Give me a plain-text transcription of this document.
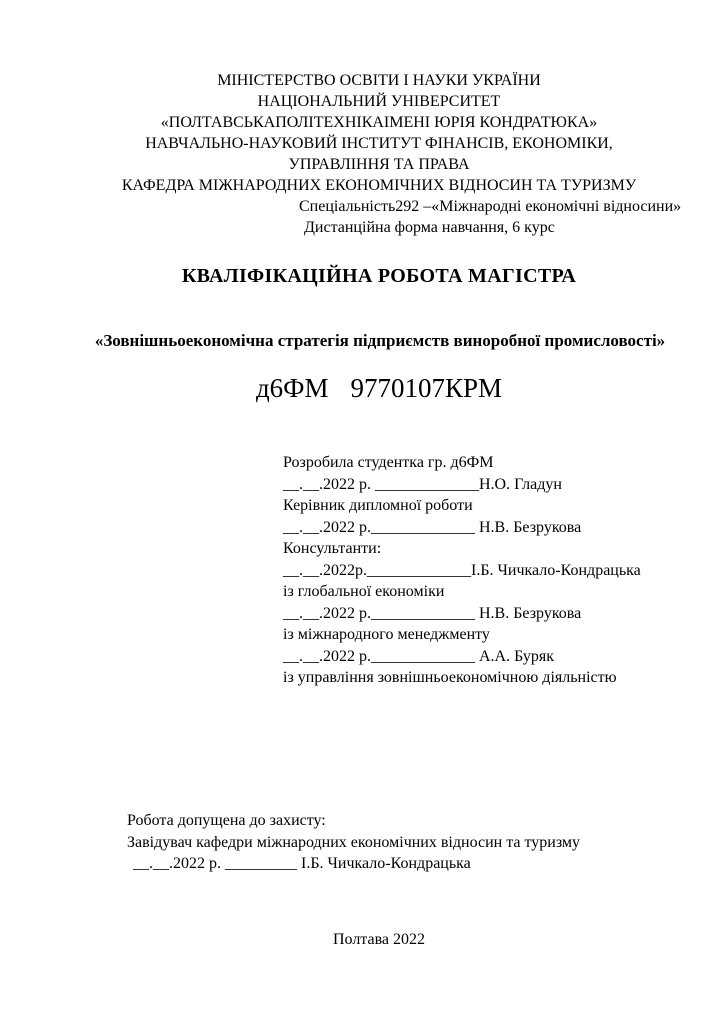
МІНІСТЕРСТВО ОСВІТИ І НАУКИ УКРАЇНИ
НАЦІОНАЛЬНИЙ УНІВЕРСИТЕТ
«ПОЛТАВСЬКАПОЛІТЕХНІКАІМЕНІ ЮРІЯ КОНДРАТЮКА»
НАВЧАЛЬНО-НАУКОВИЙ ІНСТИТУТ ФІНАНСІВ, ЕКОНОМІКИ,
УПРАВЛІННЯ ТА ПРАВА
КАФЕДРА МІЖНАРОДНИХ ЕКОНОМІЧНИХ ВІДНОСИН ТА ТУРИЗМУ
Спеціальність292 –«Міжнародні економічні відносини»
Дистанційна форма навчання, 6 курс
КВАЛІФІКАЦІЙНА РОБОТА МАГІСТРА
«Зовнішньоекономічна стратегія підприємств виноробної промисловості»
д6ФМ 9770107КРМ
Розробила студентка гр. д6ФМ
__.__.2022 р. _____________Н.О. Гладун
Керівник дипломної роботи
__.__.2022 р._____________ Н.В. Безрукова
Консультанти:
__.__.2022р._____________І.Б. Чичкало-Кондрацька
із глобальної економіки
__.__.2022 р._____________ Н.В. Безрукова
із міжнародного менеджменту
__.__.2022 р._____________ А.А. Буряк
із управління зовнішньоекономічною діяльністю
Робота допущена до захисту:
Завідувач кафедри міжнародних економічних відносин та туризму
__.__.2022 р. _________ І.Б. Чичкало-Кондрацька
Полтава 2022
